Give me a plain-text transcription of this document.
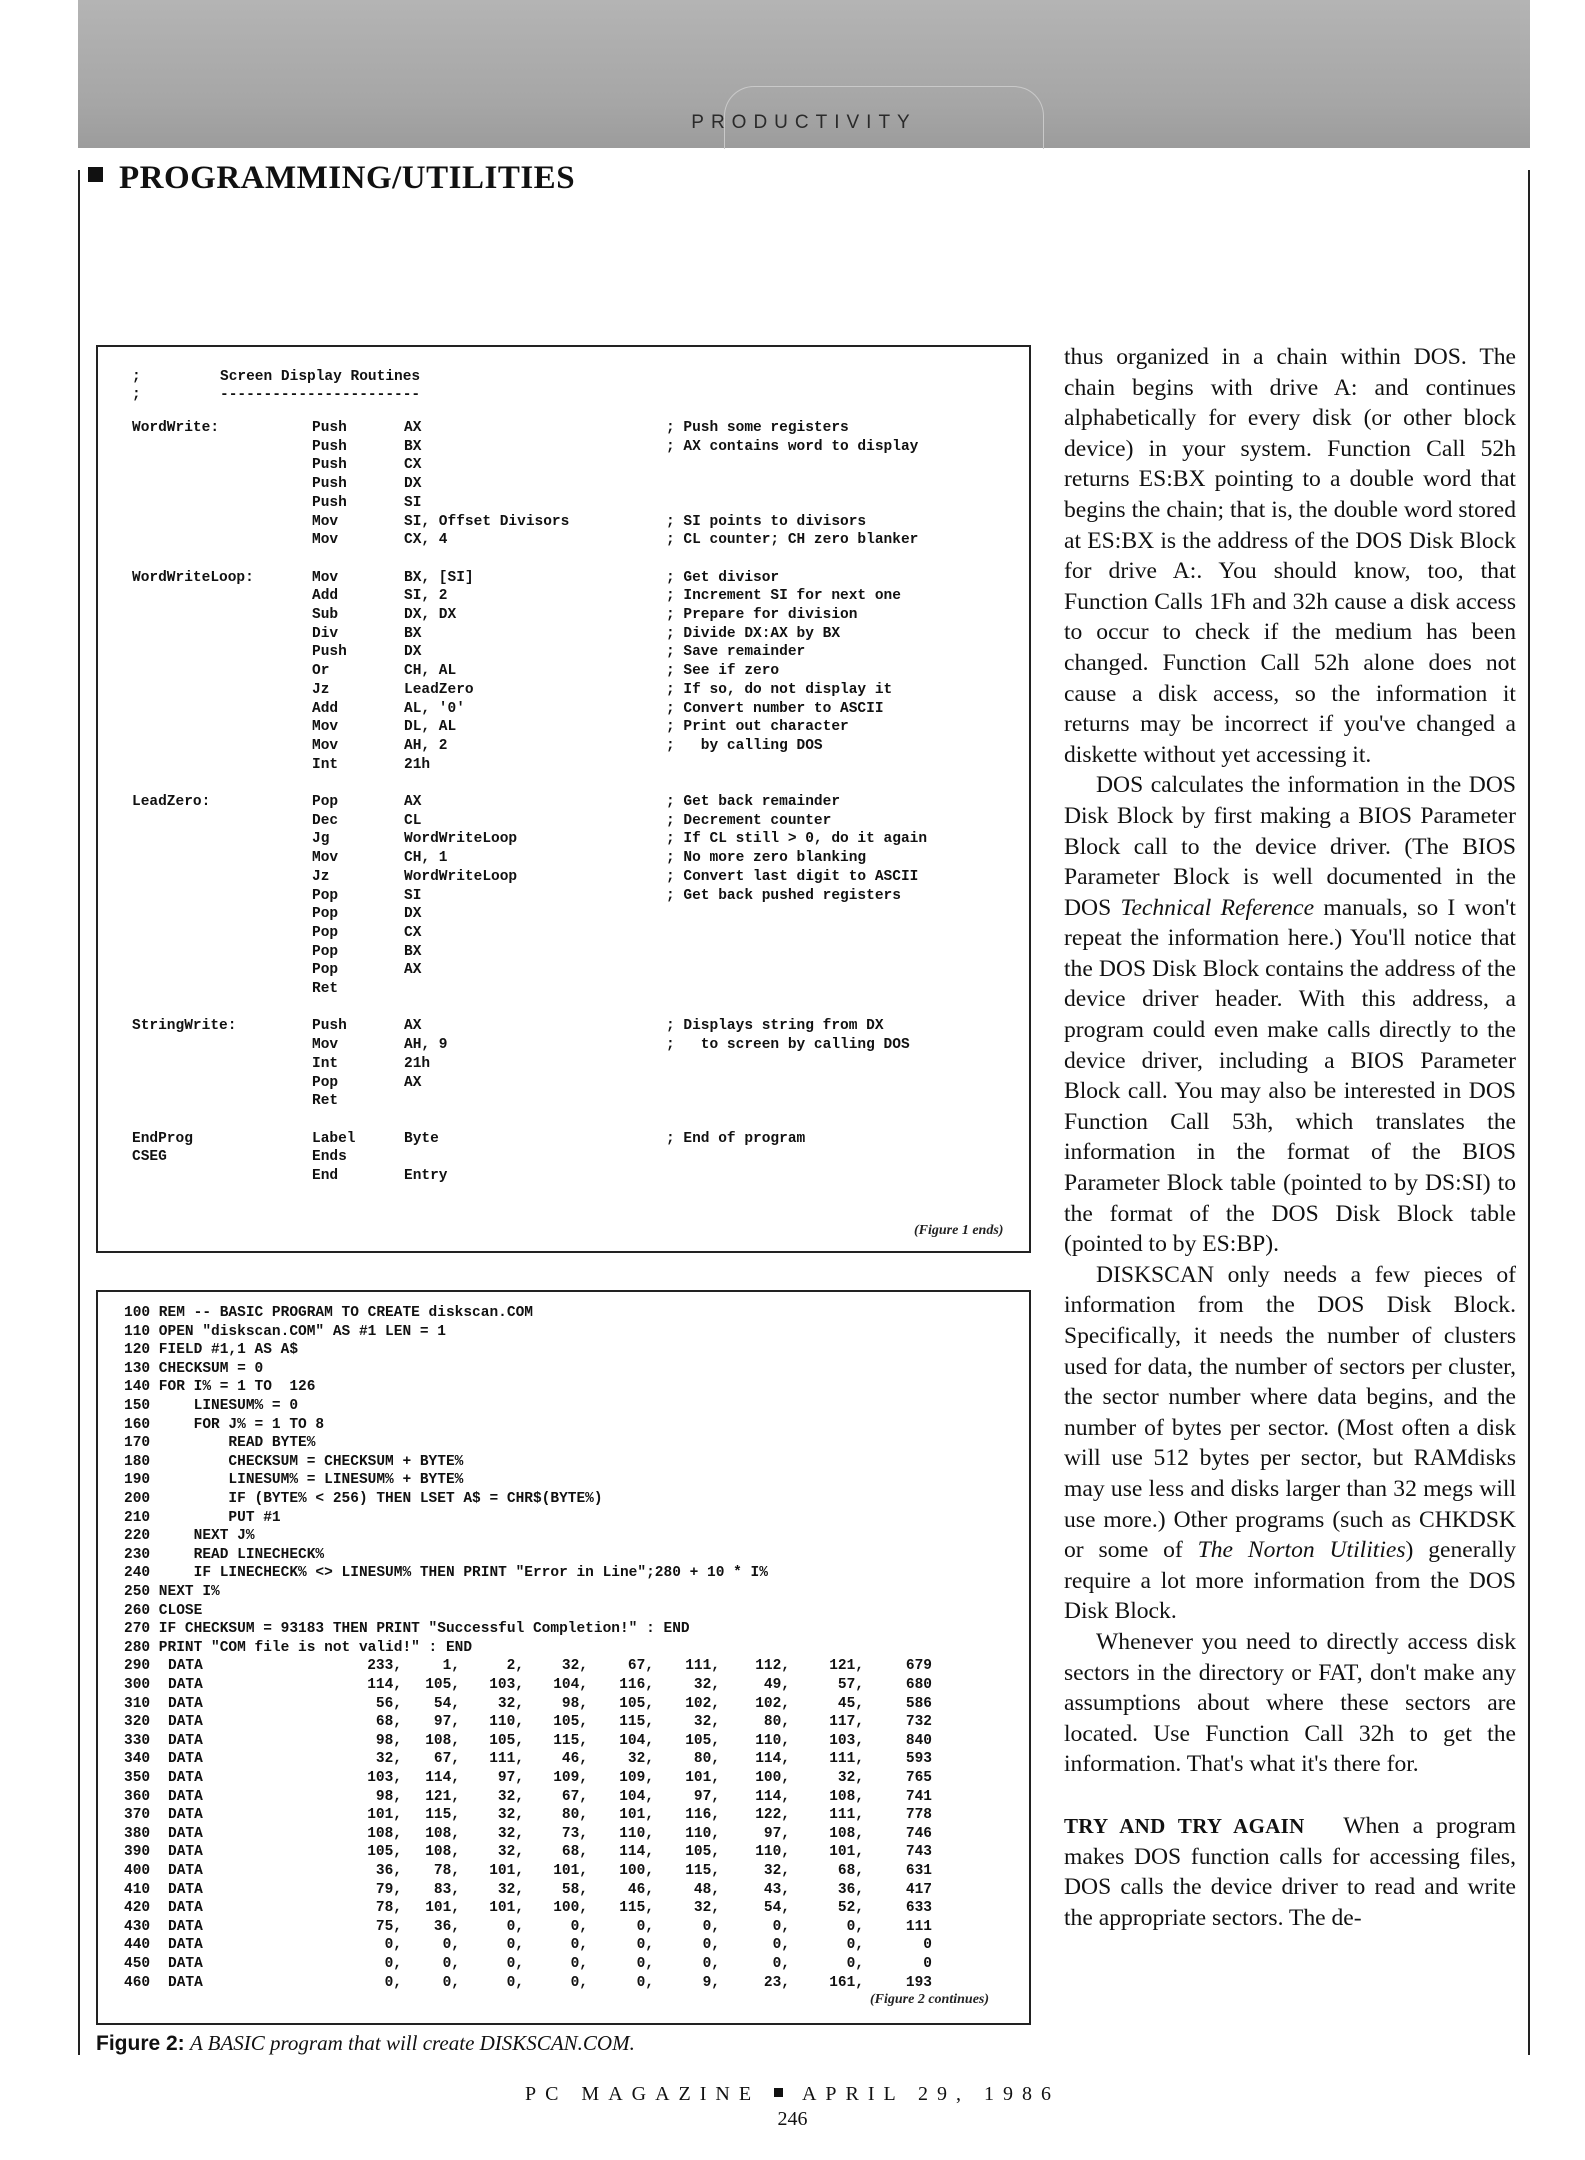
PRODUCTIVITY
PROGRAMMING/UTILITIES
;	Screen Display Routines
;	-----------------------
WordWrite:	Push	AX	; Push some registers
Push	BX	; AX contains word to display
Push	CX
Push	DX
Push	SI
Mov	SI, Offset Divisors	; SI points to divisors
Mov	CX, 4	; CL counter; CH zero blanker
WordWriteLoop:	Mov	BX, [SI]	; Get divisor
Add	SI, 2	; Increment SI for next one
Sub	DX, DX	; Prepare for division
Div	BX	; Divide DX:AX by BX
Push	DX	; Save remainder
Or	CH, AL	; See if zero
Jz	LeadZero	; If so, do not display it
Add	AL, '0'	; Convert number to ASCII
Mov	DL, AL	; Print out character
Mov	AH, 2	;   by calling DOS
Int	21h
LeadZero:	Pop	AX	; Get back remainder
Dec	CL	; Decrement counter
Jg	WordWriteLoop	; If CL still > 0, do it again
Mov	CH, 1	; No more zero blanking
Jz	WordWriteLoop	; Convert last digit to ASCII
Pop	SI	; Get back pushed registers
Pop	DX
Pop	CX
Pop	BX
Pop	AX
Ret
StringWrite:	Push	AX	; Displays string from DX
Mov	AH, 9	;   to screen by calling DOS
Int	21h
Pop	AX
Ret
EndProg	Label	Byte	; End of program
CSEG	Ends
End	Entry
(Figure 1 ends)
100 REM -- BASIC PROGRAM TO CREATE diskscan.COM
110 OPEN "diskscan.COM" AS #1 LEN = 1
120 FIELD #1,1 AS A$
130 CHECKSUM = 0
140 FOR I% = 1 TO  126
150     LINESUM% = 0
160     FOR J% = 1 TO 8
170         READ BYTE%
180         CHECKSUM = CHECKSUM + BYTE%
190         LINESUM% = LINESUM% + BYTE%
200         IF (BYTE% < 256) THEN LSET A$ = CHR$(BYTE%)
210         PUT #1
220     NEXT J%
230     READ LINECHECK%
240     IF LINECHECK% <> LINESUM% THEN PRINT "Error in Line";280 + 10 * I%
250 NEXT I%
260 CLOSE
270 IF CHECKSUM = 93183 THEN PRINT "Successful Completion!" : END
280 PRINT "COM file is not valid!" : END
290 DATA	233,	1,	2,	32,	67,	111,	112,	121,	679
300 DATA	114,	105,	103,	104,	116,	32,	49,	57,	680
310 DATA	56,	54,	32,	98,	105,	102,	102,	45,	586
320 DATA	68,	97,	110,	105,	115,	32,	80,	117,	732
330 DATA	98,	108,	105,	115,	104,	105,	110,	103,	840
340 DATA	32,	67,	111,	46,	32,	80,	114,	111,	593
350 DATA	103,	114,	97,	109,	109,	101,	100,	32,	765
360 DATA	98,	121,	32,	67,	104,	97,	114,	108,	741
370 DATA	101,	115,	32,	80,	101,	116,	122,	111,	778
380 DATA	108,	108,	32,	73,	110,	110,	97,	108,	746
390 DATA	105,	108,	32,	68,	114,	105,	110,	101,	743
400 DATA	36,	78,	101,	101,	100,	115,	32,	68,	631
410 DATA	79,	83,	32,	58,	46,	48,	43,	36,	417
420 DATA	78,	101,	101,	100,	115,	32,	54,	52,	633
430 DATA	75,	36,	0,	0,	0,	0,	0,	0,	111
440 DATA	0,	0,	0,	0,	0,	0,	0,	0,	0
450 DATA	0,	0,	0,	0,	0,	0,	0,	0,	0
460 DATA	0,	0,	0,	0,	0,	9,	23,	161,	193
(Figure 2 continues)
Figure 2: A BASIC program that will create DISKSCAN.COM.

thus organized in a chain within DOS. The chain begins with drive A: and continues alphabetically for every disk (or other block device) in your system. Function Call 52h returns ES:BX pointing to a double word that begins the chain; that is, the double word stored at ES:BX is the address of the DOS Disk Block for drive A:. You should know, too, that Function Calls 1Fh and 32h cause a disk access to occur to check if the medium has been changed. Function Call 52h alone does not cause a disk access, so the information it returns may be incorrect if you've changed a diskette without yet accessing it.

DOS calculates the information in the DOS Disk Block by first making a BIOS Parameter Block call to the device driver. (The BIOS Parameter Block is well documented in the DOS Technical Reference manuals, so I won't repeat the information here.) You'll notice that the DOS Disk Block contains the address of the device driver header. With this address, a program could even make calls directly to the device driver, including a BIOS Parameter Block call. You may also be interested in DOS Function Call 53h, which translates the information in the format of the BIOS Parameter Block table (pointed to by DS:SI) to the format of the DOS Disk Block table (pointed to by ES:BP).

DISKSCAN only needs a few pieces of information from the DOS Disk Block. Specifically, it needs the number of clusters used for data, the number of sectors per cluster, the sector number where data begins, and the number of bytes per sector. (Most often a disk will use 512 bytes per sector, but RAMdisks may use less and disks larger than 32 megs will use more.) Other programs (such as CHKDSK or some of The Norton Utilities) generally require a lot more information from the DOS Disk Block.

Whenever you need to directly access disk sectors in the directory or FAT, don't make any assumptions about where these sectors are located. Use Function Call 32h to get the information. That's what it's there for.

TRY AND TRY AGAIN When a program makes DOS function calls for accessing files, DOS calls the device driver to read and write the appropriate sectors. The de-

PC MAGAZINE APRIL 29, 1986
246
